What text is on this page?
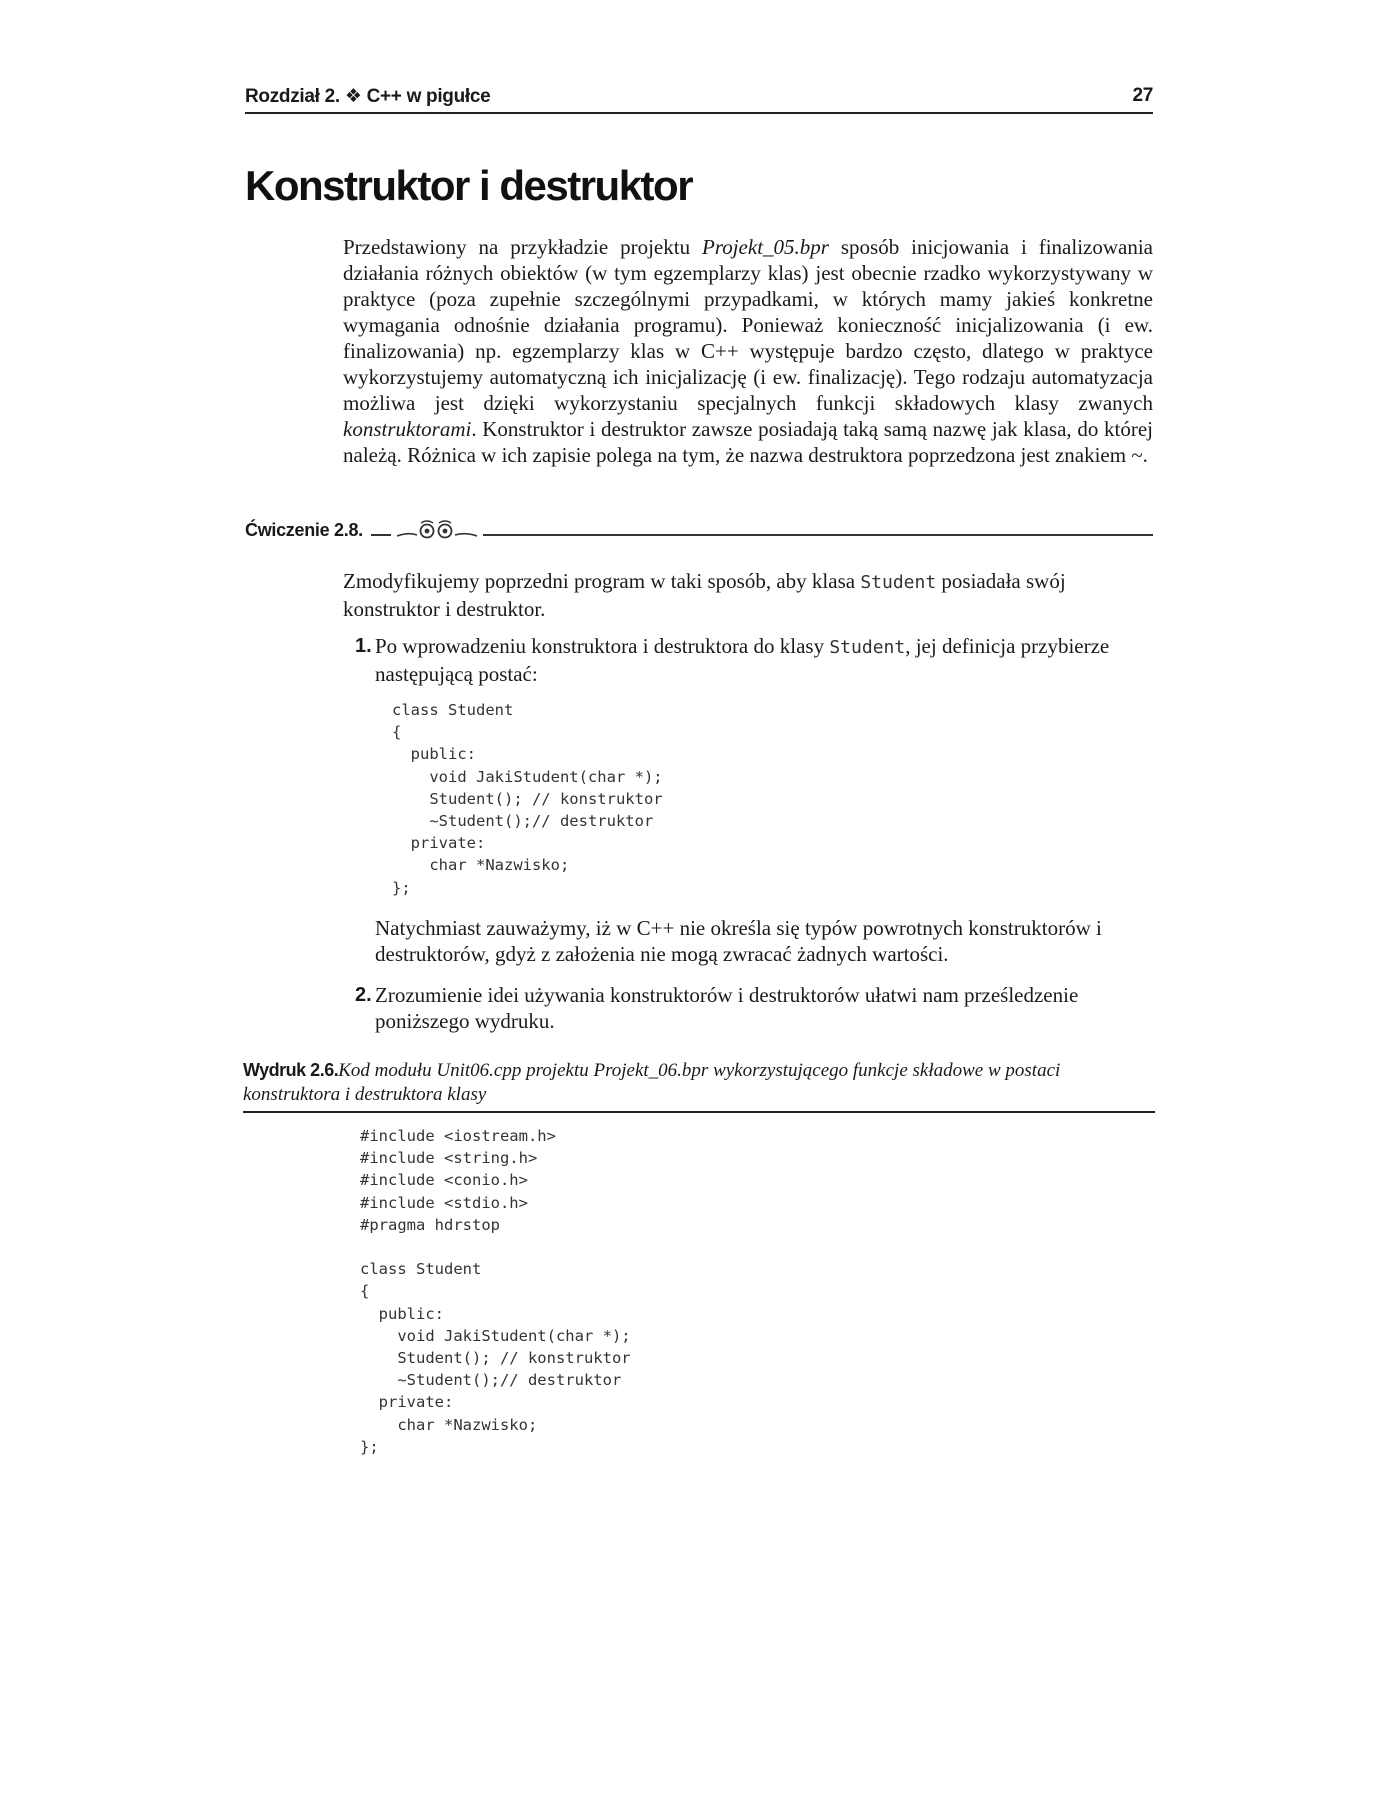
Rozdział 2. ❖ C++ w pigułce	27
Konstruktor i destruktor

Przedstawiony na przykładzie projektu Projekt_05.bpr sposób inicjowania i finalizowania działania różnych obiektów (w tym egzemplarzy klas) jest obecnie rzadko wykorzystywany w praktyce (poza zupełnie szczególnymi przypadkami, w których mamy jakieś konkretne wymagania odnośnie działania programu). Ponieważ konieczność inicjalizowania (i ew. finalizowania) np. egzemplarzy klas w C++ występuje bardzo często, dlatego w praktyce wykorzystujemy automatyczną ich inicjalizację (i ew. finalizację). Tego rodzaju automatyzacja możliwa jest dzięki wykorzystaniu specjalnych funkcji składowych klasy zwanych konstruktorami. Konstruktor i destruktor zawsze posiadają taką samą nazwę jak klasa, do której należą. Różnica w ich zapisie polega na tym, że nazwa destruktora poprzedzona jest znakiem ~.

Ćwiczenie 2.8.

Zmodyfikujemy poprzedni program w taki sposób, aby klasa Student posiadała swój konstruktor i destruktor.

1. Po wprowadzeniu konstruktora i destruktora do klasy Student, jej definicja przybierze następującą postać:

class Student
{
public:
void JakiStudent(char *);
Student(); // konstruktor
~Student();// destruktor
private:
char *Nazwisko;
};

Natychmiast zauważymy, iż w C++ nie określa się typów powrotnych konstruktorów i destruktorów, gdyż z założenia nie mogą zwracać żadnych wartości.

2. Zrozumienie idei używania konstruktorów i destruktorów ułatwi nam prześledzenie poniższego wydruku.

Wydruk 2.6.Kod modułu Unit06.cpp projektu Projekt_06.bpr wykorzystującego funkcje składowe w postaci konstruktora i destruktora klasy
#include <iostream.h>
#include <string.h>
#include <conio.h>
#include <stdio.h>
#pragma hdrstop

class Student
{
public:
void JakiStudent(char *);
Student(); // konstruktor
~Student();// destruktor
private:
char *Nazwisko;
};
